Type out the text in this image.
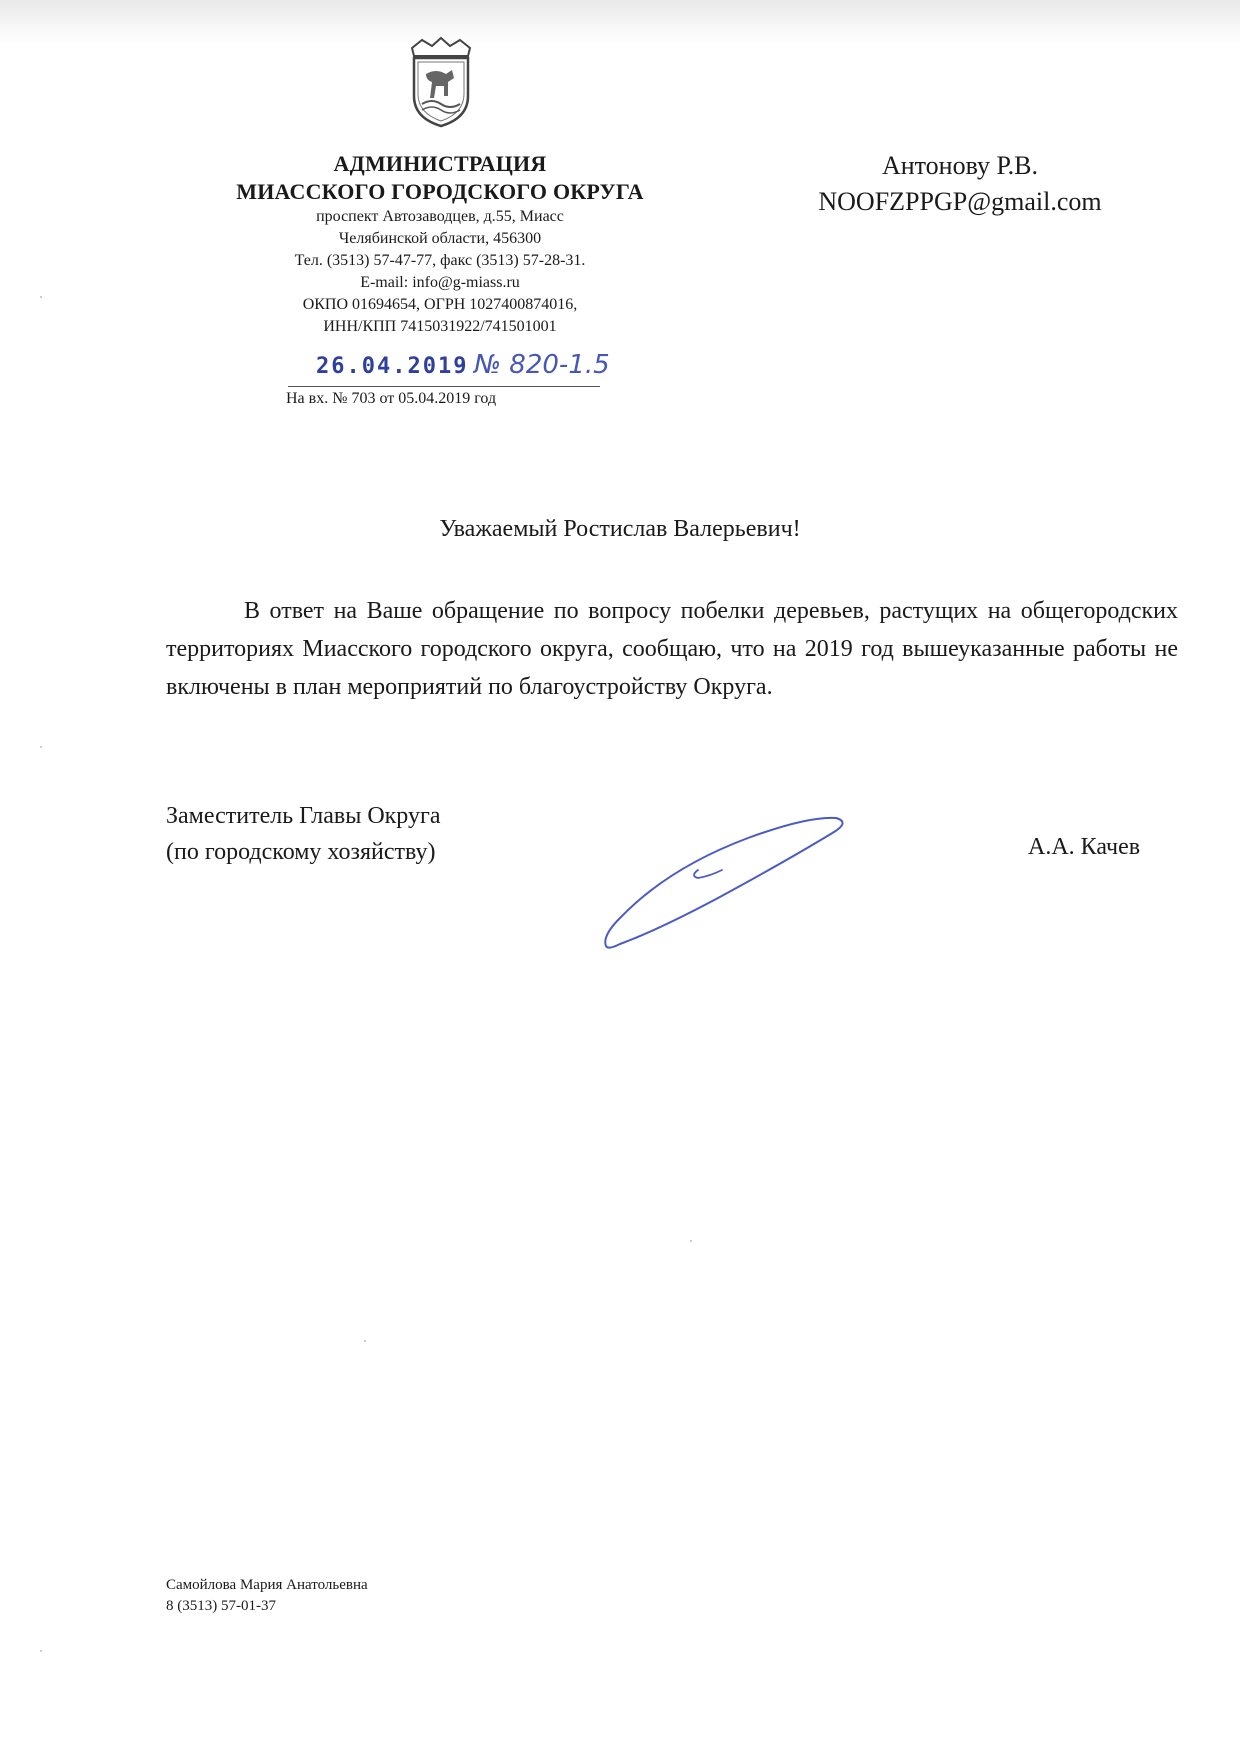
АДМИНИСТРАЦИЯ
МИАССКОГО ГОРОДСКОГО ОКРУГА
проспект Автозаводцев, д.55, Миасс
Челябинской области, 456300
Тел. (3513) 57-47-77, факс (3513) 57-28-31.
E-mail: info@g-miass.ru
ОКПО 01694654, ОГРН 1027400874016,
ИНН/КПП 7415031922/741501001
26.04.2019 № 820-1.5
На вх. № 703 от 05.04.2019 год
Антонову Р.В.
NOOFZPPGP@gmail.com
Уважаемый Ростислав Валерьевич!

В ответ на Ваше обращение по вопросу побелки деревьев, растущих на общегородских территориях Миасского городского округа, сообщаю, что на 2019 год вышеуказанные работы не включены в план мероприятий по благоустройству Округа.

Заместитель Главы Округа
(по городскому хозяйству)	А.А. Качев
Самойлова Мария Анатольевна
8 (3513) 57-01-37
